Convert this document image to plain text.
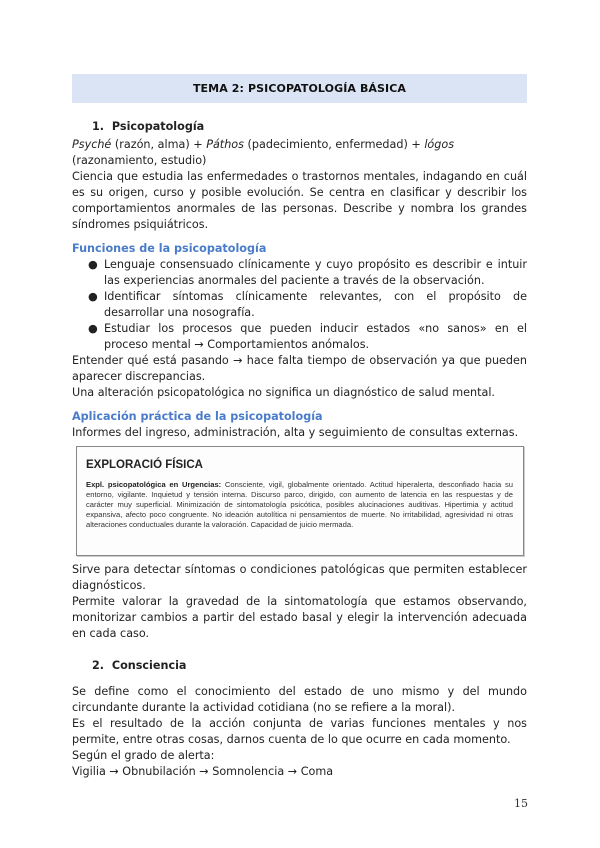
TEMA 2: PSICOPATOLOGÍA BÁSICA
1. Psicopatología

Psyché (razón, alma) + Páthos (padecimiento, enfermedad) + lógos (razonamiento, estudio)

Ciencia que estudia las enfermedades o trastornos mentales, indagando en cuál es su origen, curso y posible evolución. Se centra en clasificar y describir los comportamientos anormales de las personas. Describe y nombra los grandes síndromes psiquiátricos.

Funciones de la psicopatología
● Lenguaje consensuado clínicamente y cuyo propósito es describir e intuir las experiencias anormales del paciente a través de la observación.
● Identificar síntomas clínicamente relevantes, con el propósito de desarrollar una nosografía.
● Estudiar los procesos que pueden inducir estados «no sanos» en el proceso mental → Comportamientos anómalos.

Entender qué está pasando → hace falta tiempo de observación ya que pueden aparecer discrepancias.

Una alteración psicopatológica no significa un diagnóstico de salud mental.

Aplicación práctica de la psicopatología

Informes del ingreso, administración, alta y seguimiento de consultas externas.

EXPLORACIÓ FÍSICA
Expl. psicopatológica en Urgencias: Consciente, vigil, globalmente orientado. Actitud hiperalerta, desconfiado hacia su entorno, vigilante. Inquietud y tensión interna. Discurso parco, dirigido, con aumento de latencia en las respuestas y de carácter muy superficial. Minimización de sintomatología psicótica, posibles alucinaciones auditivas. Hipertimia y actitud expansiva, afecto poco congruente. No ideación autolítica ni pensamientos de muerte. No irritabilidad, agresividad ni otras alteraciones conductuales durante la valoración. Capacidad de juicio mermada.

Sirve para detectar síntomas o condiciones patológicas que permiten establecer diagnósticos.

Permite valorar la gravedad de la sintomatología que estamos observando, monitorizar cambios a partir del estado basal y elegir la intervención adecuada en cada caso.

2. Consciencia

Se define como el conocimiento del estado de uno mismo y del mundo circundante durante la actividad cotidiana (no se refiere a la moral).

Es el resultado de la acción conjunta de varias funciones mentales y nos permite, entre otras cosas, darnos cuenta de lo que ocurre en cada momento.

Según el grado de alerta:

Vigilia → Obnubilación → Somnolencia → Coma

15
